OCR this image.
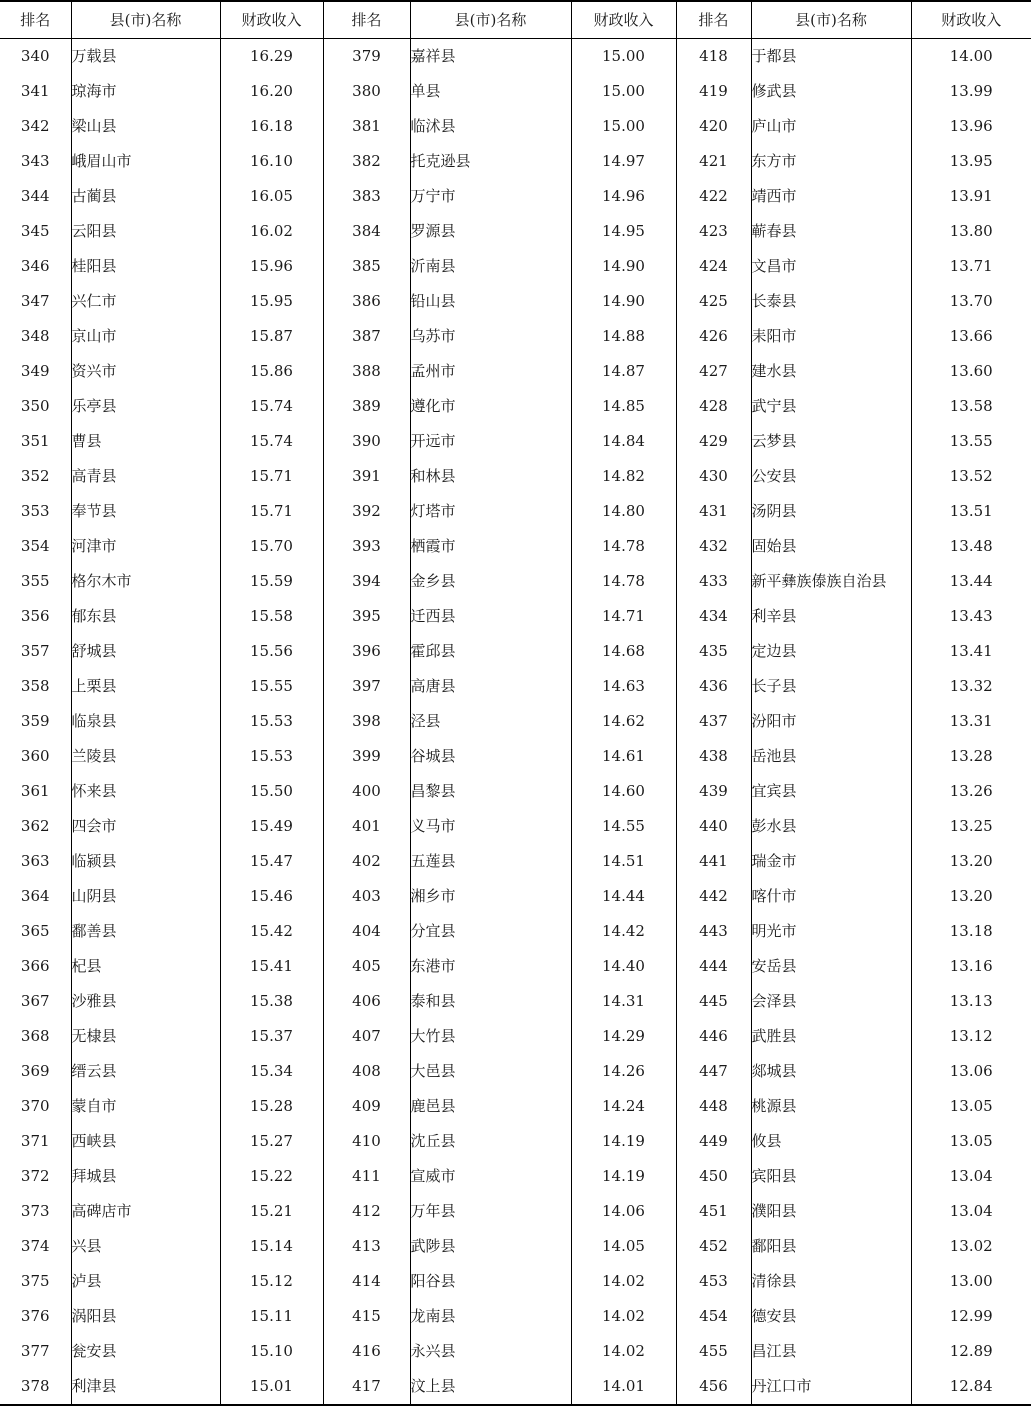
排名	县(市)名称	财政收入	排名	县(市)名称	财政收入	排名	县(市)名称	财政收入
340	万载县	16.29	379	嘉祥县	15.00	418	于都县	14.00
341	琼海市	16.20	380	单县	15.00	419	修武县	13.99
342	梁山县	16.18	381	临沭县	15.00	420	庐山市	13.96
343	峨眉山市	16.10	382	托克逊县	14.97	421	东方市	13.95
344	古蔺县	16.05	383	万宁市	14.96	422	靖西市	13.91
345	云阳县	16.02	384	罗源县	14.95	423	蕲春县	13.80
346	桂阳县	15.96	385	沂南县	14.90	424	文昌市	13.71
347	兴仁市	15.95	386	铅山县	14.90	425	长泰县	13.70
348	京山市	15.87	387	乌苏市	14.88	426	耒阳市	13.66
349	资兴市	15.86	388	孟州市	14.87	427	建水县	13.60
350	乐亭县	15.74	389	遵化市	14.85	428	武宁县	13.58
351	曹县	15.74	390	开远市	14.84	429	云梦县	13.55
352	高青县	15.71	391	和林县	14.82	430	公安县	13.52
353	奉节县	15.71	392	灯塔市	14.80	431	汤阴县	13.51
354	河津市	15.70	393	栖霞市	14.78	432	固始县	13.48
355	格尔木市	15.59	394	金乡县	14.78	433	新平彝族傣族自治县	13.44
356	郁东县	15.58	395	迁西县	14.71	434	利辛县	13.43
357	舒城县	15.56	396	霍邱县	14.68	435	定边县	13.41
358	上栗县	15.55	397	高唐县	14.63	436	长子县	13.32
359	临泉县	15.53	398	泾县	14.62	437	汾阳市	13.31
360	兰陵县	15.53	399	谷城县	14.61	438	岳池县	13.28
361	怀来县	15.50	400	昌黎县	14.60	439	宜宾县	13.26
362	四会市	15.49	401	义马市	14.55	440	彭水县	13.25
363	临颍县	15.47	402	五莲县	14.51	441	瑞金市	13.20
364	山阴县	15.46	403	湘乡市	14.44	442	喀什市	13.20
365	鄱善县	15.42	404	分宜县	14.42	443	明光市	13.18
366	杞县	15.41	405	东港市	14.40	444	安岳县	13.16
367	沙雅县	15.38	406	泰和县	14.31	445	会泽县	13.13
368	无棣县	15.37	407	大竹县	14.29	446	武胜县	13.12
369	缙云县	15.34	408	大邑县	14.26	447	郯城县	13.06
370	蒙自市	15.28	409	鹿邑县	14.24	448	桃源县	13.05
371	西峡县	15.27	410	沈丘县	14.19	449	攸县	13.05
372	拜城县	15.22	411	宣威市	14.19	450	宾阳县	13.04
373	高碑店市	15.21	412	万年县	14.06	451	濮阳县	13.04
374	兴县	15.14	413	武陟县	14.05	452	鄱阳县	13.02
375	泸县	15.12	414	阳谷县	14.02	453	清徐县	13.00
376	涡阳县	15.11	415	龙南县	14.02	454	德安县	12.99
377	瓮安县	15.10	416	永兴县	14.02	455	昌江县	12.89
378	利津县	15.01	417	汶上县	14.01	456	丹江口市	12.84
